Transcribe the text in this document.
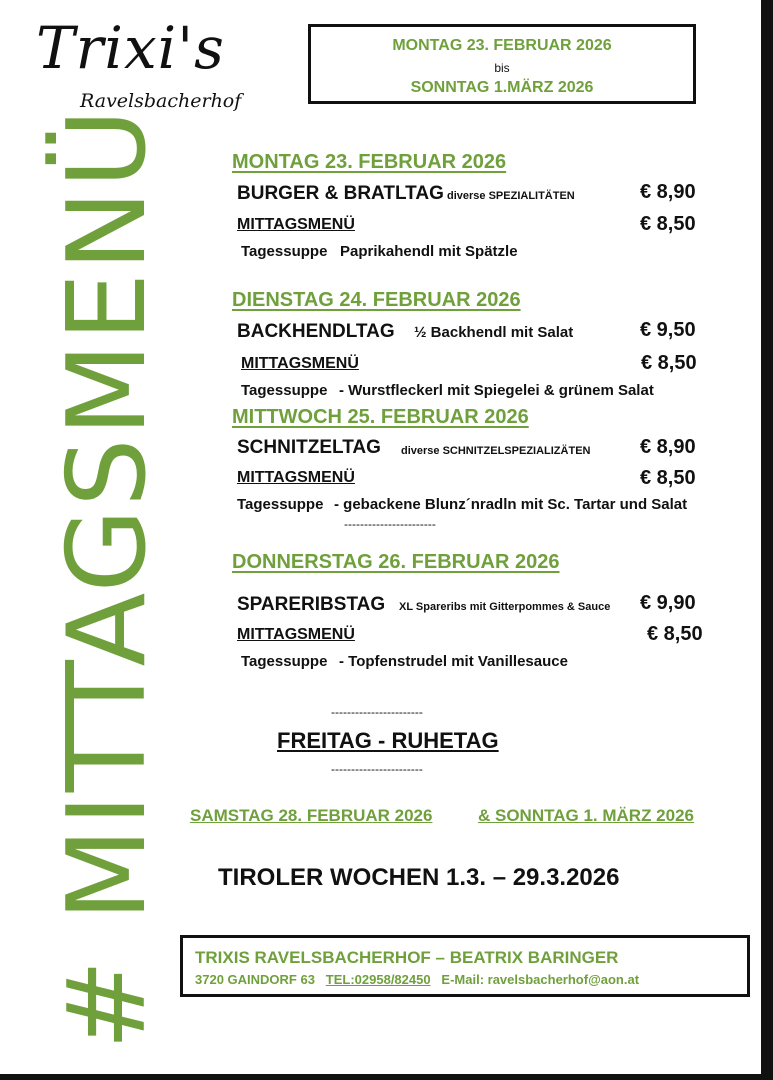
Trixi's
Ravelsbacherhof
MONTAG 23. FEBRUAR 2026
bis
SONNTAG 1.MÄRZ 2026
# MITTAGSMENÜ	MONTAG 23. FEBRUAR 2026
BURGER & BRATLTAG diverse SPEZIALITÄTEN	€ 8,90
MITTAGSMENÜ	€ 8,50
Tagessuppe Paprikahendl mit Spätzle
DIENSTAG 24. FEBRUAR 2026
BACKHENDLTAG ½ Backhendl mit Salat	€ 9,50
MITTAGSMENÜ	€ 8,50
Tagessuppe - Wurstfleckerl mit Spiegelei & grünem Salat
MITTWOCH 25. FEBRUAR 2026
SCHNITZELTAG diverse SCHNITZELSPEZIALIZÄTEN € 8,90
MITTAGSMENÜ	€ 8,50
Tagessuppe - gebackene Blunz´nradln mit Sc. Tartar und Salat
-----------------------
DONNERSTAG 26. FEBRUAR 2026
SPARERIBSTAG XL Spareribs mit Gitterpommes & Sauce € 9,90
MITTAGSMENÜ	€ 8,50
Tagessuppe - Topfenstrudel mit Vanillesauce
-----------------------
FREITAG - RUHETAG
-----------------------
SAMSTAG 28. FEBRUAR 2026	& SONNTAG 1. MÄRZ 2026
TIROLER WOCHEN 1.3. – 29.3.2026
TRIXIS RAVELSBACHERHOF – BEATRIX BARINGER
3720 GAINDORF 63 TEL:02958/82450 E-Mail: ravelsbacherhof@aon.at
